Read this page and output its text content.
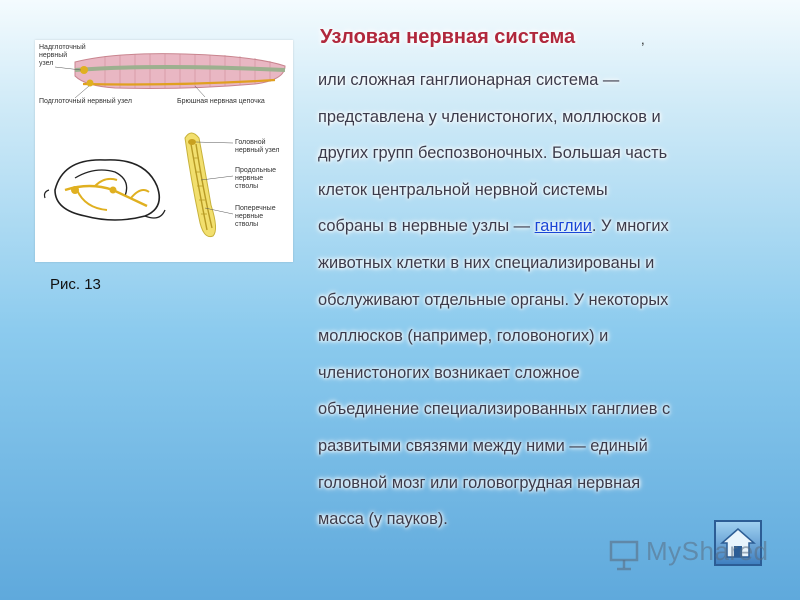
Надглоточный
нервный
узел
Подглоточный нервный узел	Брюшная нервная цепочка
Головной
нервный узел
Продольные
нервные
стволы
Поперечные
нервные
стволы
Рис. 13
Узловая нервная система	,
или сложная ганглионарная система —
представлена у членистоногих, моллюсков и
других групп беспозвоночных. Большая часть
клеток центральной нервной системы
собраны в нервные узлы — ганглии. У многих
животных клетки в них специализированы и
обслуживают отдельные органы. У некоторых
моллюсков (например, головоногих) и
членистоногих возникает сложное
объединение специализированных ганглиев с
развитыми связями между ними — единый
головной мозг или головогрудная нервная
масса (у пауков).
MyShared
